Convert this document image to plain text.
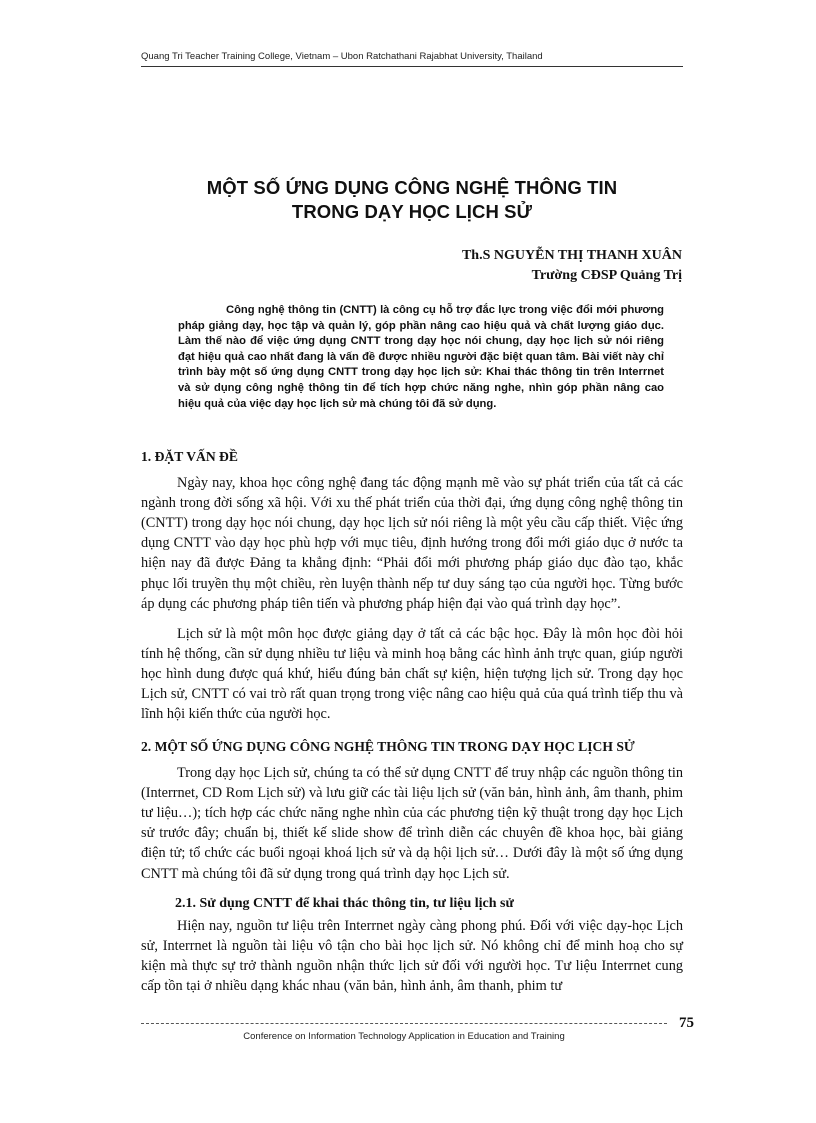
Quang Tri Teacher Training College, Vietnam – Ubon Ratchathani Rajabhat University, Thailand
MỘT SỐ ỨNG DỤNG CÔNG NGHỆ THÔNG TIN
TRONG DẠY HỌC LỊCH SỬ
Th.S NGUYỄN THỊ THANH XUÂN
Trường CĐSP Quảng Trị
Công nghệ thông tin (CNTT) là công cụ hỗ trợ đắc lực trong việc đổi mới phương pháp giảng dạy, học tập và quản lý, góp phần nâng cao hiệu quả và chất lượng giáo dục. Làm thế nào để việc ứng dụng CNTT trong dạy học nói chung, dạy học lịch sử nói riêng đạt hiệu quả cao nhất đang là vấn đề được nhiều người đặc biệt quan tâm. Bài viết này chỉ trình bày một số ứng dụng CNTT trong dạy học lịch sử: Khai thác thông tin trên Interrnet và sử dụng công nghệ thông tin để tích hợp chức năng nghe, nhìn góp phần nâng cao hiệu quả của việc dạy học lịch sử mà chúng tôi đã sử dụng.
1. ĐẶT VẤN ĐỀ

Ngày nay, khoa học công nghệ đang tác động mạnh mẽ vào sự phát triển của tất cả các ngành trong đời sống xã hội. Với xu thế phát triển của thời đại, ứng dụng công nghệ thông tin (CNTT) trong dạy học nói chung, dạy học lịch sử nói riêng là một yêu cầu cấp thiết. Việc ứng dụng CNTT vào dạy học phù hợp với mục tiêu, định hướng trong đổi mới giáo dục ở nước ta hiện nay đã được Đảng ta khẳng định: “Phải đổi mới phương pháp giáo dục đào tạo, khắc phục lối truyền thụ một chiều, rèn luyện thành nếp tư duy sáng tạo của người học. Từng bước áp dụng các phương pháp tiên tiến và phương pháp hiện đại vào quá trình dạy học”.

Lịch sử là một môn học được giảng dạy ở tất cả các bậc học. Đây là môn học đòi hỏi tính hệ thống, cần sử dụng nhiều tư liệu và minh hoạ bằng các hình ảnh trực quan, giúp người học hình dung được quá khứ, hiểu đúng bản chất sự kiện, hiện tượng lịch sử. Trong dạy học Lịch sử, CNTT có vai trò rất quan trọng trong việc nâng cao hiệu quả của quá trình tiếp thu và lĩnh hội kiến thức của người học.

2. MỘT SỐ ỨNG DỤNG CÔNG NGHỆ THÔNG TIN TRONG DẠY HỌC LỊCH SỬ

Trong dạy học Lịch sử, chúng ta có thể sử dụng CNTT để truy nhập các nguồn thông tin (Interrnet, CD Rom Lịch sử) và lưu giữ các tài liệu lịch sử (văn bản, hình ảnh, âm thanh, phim tư liệu…); tích hợp các chức năng nghe nhìn của các phương tiện kỹ thuật trong dạy học Lịch sử trước đây; chuẩn bị, thiết kế slide show để trình diễn các chuyên đề khoa học, bài giảng điện tử; tổ chức các buổi ngoại khoá lịch sử và dạ hội lịch sử… Dưới đây là một số ứng dụng CNTT mà chúng tôi đã sử dụng trong quá trình dạy học Lịch sử.

2.1. Sử dụng CNTT để khai thác thông tin, tư liệu lịch sử

Hiện nay, nguồn tư liệu trên Interrnet ngày càng phong phú. Đối với việc dạy-học Lịch sử, Interrnet là nguồn tài liệu vô tận cho bài học lịch sử. Nó không chỉ để minh hoạ cho sự kiện mà thực sự trở thành nguồn nhận thức lịch sử đối với người học. Tư liệu Interrnet cung cấp tồn tại ở nhiều dạng khác nhau (văn bản, hình ảnh, âm thanh, phim tư

Conference on Information Technology Application in Education and Training
75
